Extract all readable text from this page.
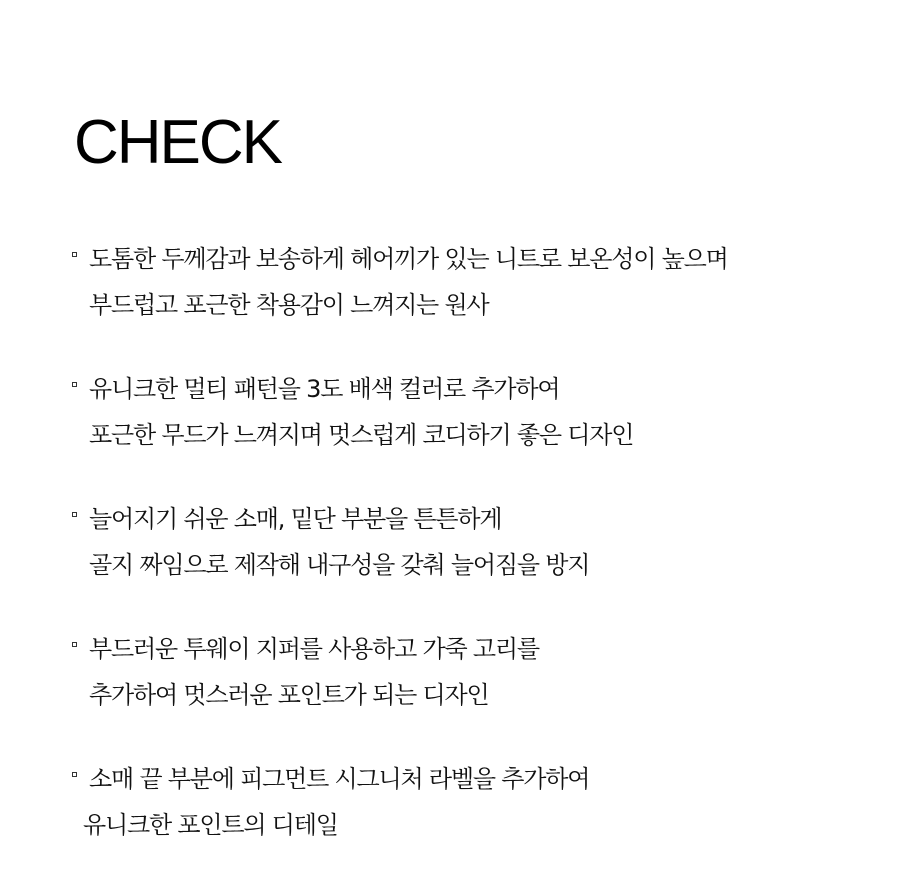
CHECK
도톰한 두께감과 보송하게 헤어끼가 있는 니트로 보온성이 높으며
부드럽고 포근한 착용감이 느껴지는 원사
유니크한 멀티 패턴을 3도 배색 컬러로 추가하여
포근한 무드가 느껴지며 멋스럽게 코디하기 좋은 디자인
늘어지기 쉬운 소매, 밑단 부분을 튼튼하게
골지 짜임으로 제작해 내구성을 갖춰 늘어짐을 방지
부드러운 투웨이 지퍼를 사용하고 가죽 고리를
추가하여 멋스러운 포인트가 되는 디자인
소매 끝 부분에 피그먼트 시그니처 라벨을 추가하여
유니크한 포인트의 디테일
